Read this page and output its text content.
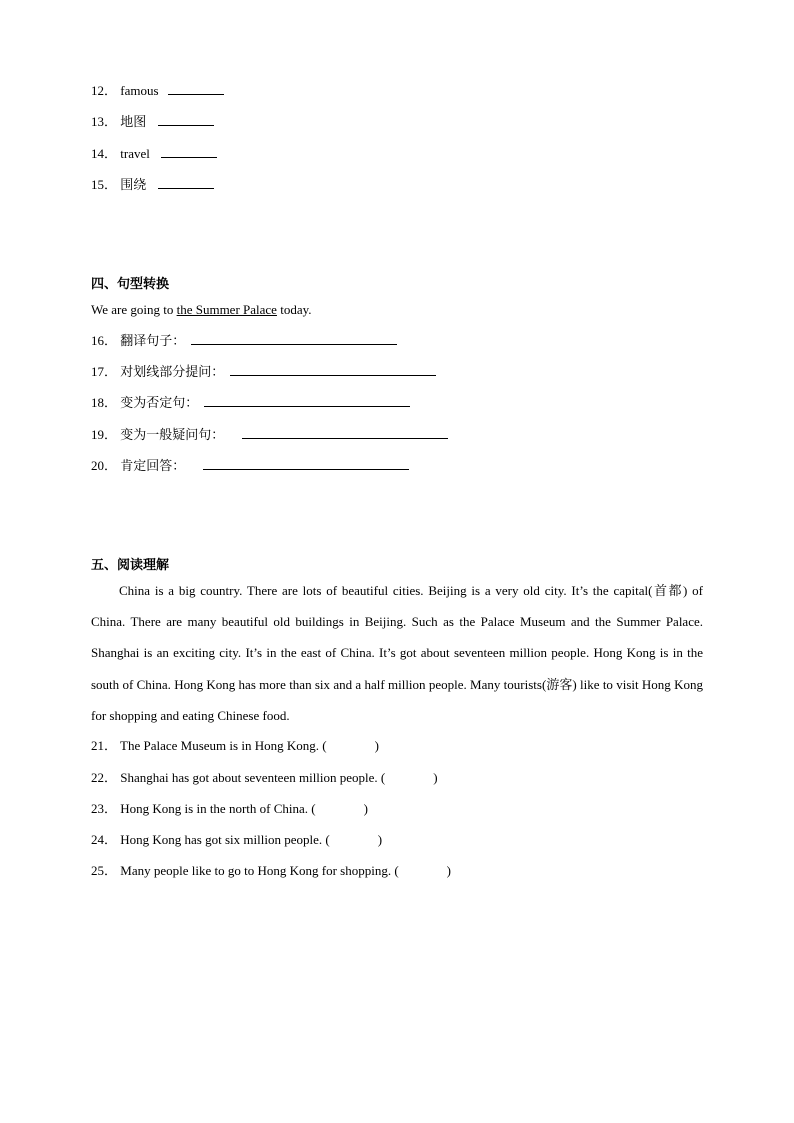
12． famous
13． 地图
14． travel
15． 围绕
四、句型转换
We are going to the Summer Palace today.
16． 翻译句子：
17． 对划线部分提问：
18． 变为否定句：
19． 变为一般疑问句：
20． 肯定回答：
五、阅读理解
China is a big country. There are lots of beautiful cities. Beijing is a very old city. It’s the capital(首都) of China. There are many beautiful old buildings in Beijing. Such as the Palace Museum and the Summer Palace. Shanghai is an exciting city. It’s in the east of China. It’s got about seventeen million people. Hong Kong is in the south of China. Hong Kong has more than six and a half million people. Many tourists(游客) like to visit Hong Kong for shopping and eating Chinese food.
21． The Palace Museum is in Hong Kong. (	)
22． Shanghai has got about seventeen million people. (	)
23． Hong Kong is in the north of China. (	)
24． Hong Kong has got six million people. (	)
25． Many people like to go to Hong Kong for shopping. (	)
